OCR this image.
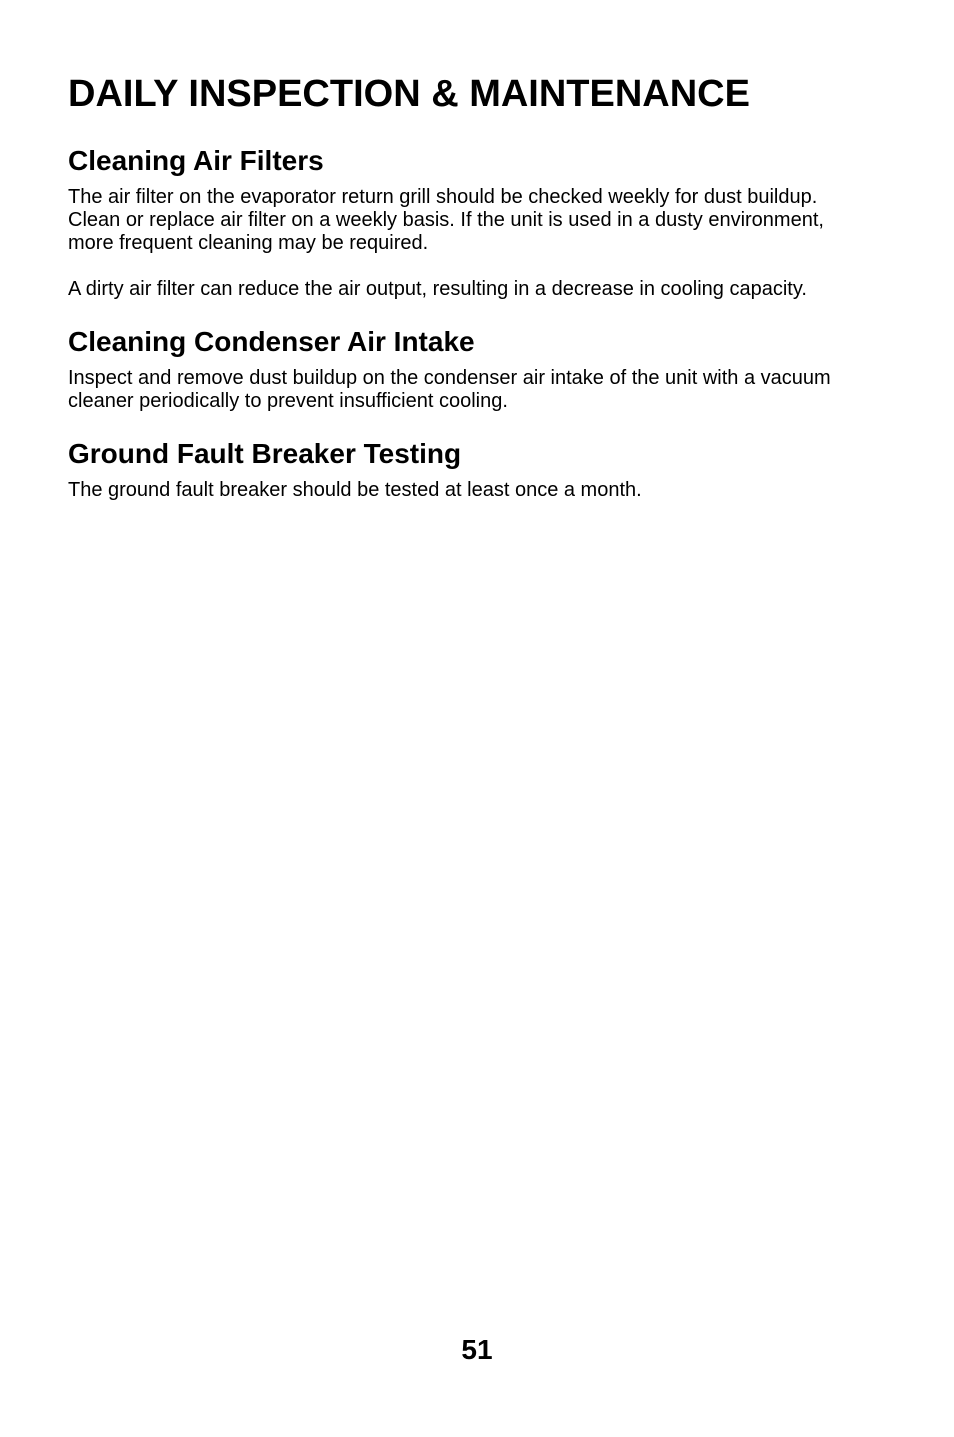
DAILY INSPECTION & MAINTENANCE
Cleaning Air Filters

The air filter on the evaporator return grill should be checked weekly for dust buildup.

Clean or replace air filter on a weekly basis. If the unit is used in a dusty environment, more frequent cleaning may be required.

A dirty air filter can reduce the air output, resulting in a decrease in cooling capacity.

Cleaning Condenser Air Intake

Inspect and remove dust buildup on the condenser air intake of the unit with a vacuum cleaner periodically to prevent insufficient cooling.

Ground Fault Breaker Testing

The ground fault breaker should be tested at least once a month.

51
